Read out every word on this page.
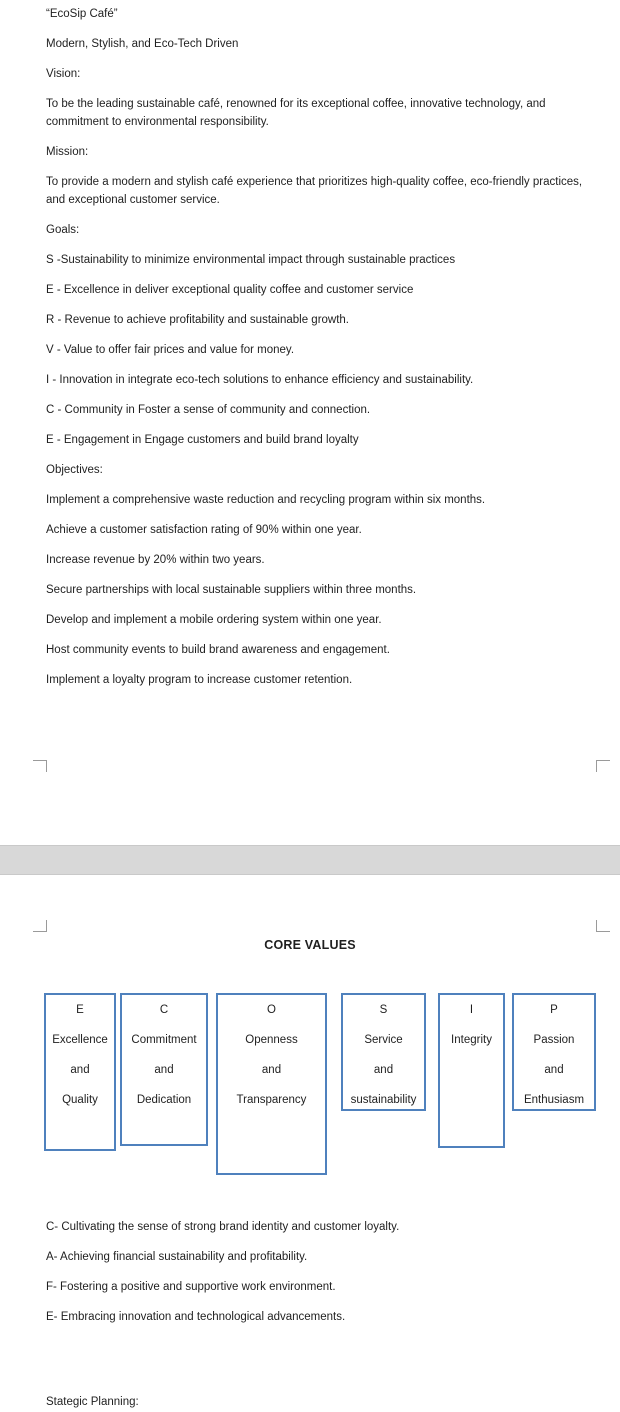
“EcoSip Café”

Modern, Stylish, and Eco-Tech Driven

Vision:

To be the leading sustainable café, renowned for its exceptional coffee, innovative technology, and commitment to environmental responsibility.

Mission:

To provide a modern and stylish café experience that prioritizes high-quality coffee, eco-friendly practices, and exceptional customer service.

Goals:

S -Sustainability to minimize environmental impact through sustainable practices

E - Excellence in deliver exceptional quality coffee and customer service

R - Revenue to achieve profitability and sustainable growth.

V - Value to offer fair prices and value for money.

I - Innovation in integrate eco-tech solutions to enhance efficiency and sustainability.

C - Community in Foster a sense of community and connection.

E - Engagement in Engage customers and build brand loyalty

Objectives:

Implement a comprehensive waste reduction and recycling program within six months.

Achieve a customer satisfaction rating of 90% within one year.

Increase revenue by 20% within two years.

Secure partnerships with local sustainable suppliers within three months.

Develop and implement a mobile ordering system within one year.

Host community events to build brand awareness and engagement.

Implement a loyalty program to increase customer retention.

CORE VALUES
E
Excellence
and
Quality
C
Commitment
and
Dedication
O
Openness
and
Transparency
S
Service
and
sustainability
I
Integrity
P
Passion
and
Enthusiasm

C- Cultivating the sense of strong brand identity and customer loyalty.

A- Achieving financial sustainability and profitability.

F- Fostering a positive and supportive work environment.

E- Embracing innovation and technological advancements.

Stategic Planning:
